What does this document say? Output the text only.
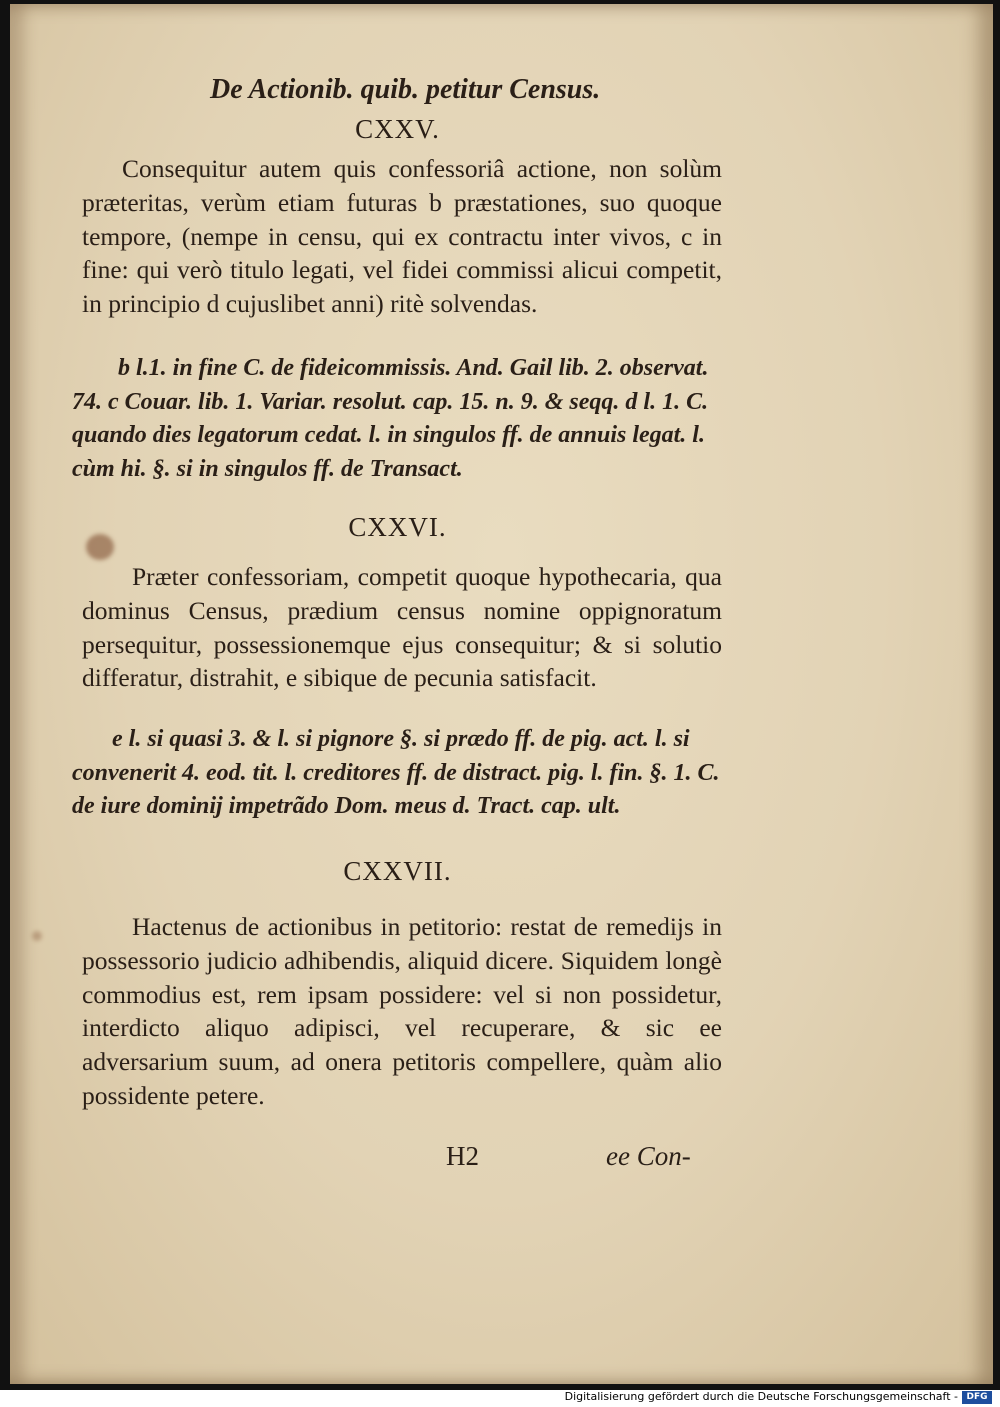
De Actionib. quib. petitur Census.
CXXV.

Consequitur autem quis confessoriâ actione, non solùm præteritas, verùm etiam futuras b præstationes, suo quoque tempore, (nempe in censu, qui ex contractu inter vivos, c in fine: qui verò titulo legati, vel fidei commissi alicui competit, in principio d cujuslibet anni) ritè solvendas.

b l.1. in fine C. de fideicommissis. And. Gail lib. 2. observat. 74. c Couar. lib. 1. Variar. resolut. cap. 15. n. 9. & seqq. d l. 1. C. quando dies legatorum cedat. l. in singulos ff. de annuis legat. l. cùm hi. §. si in singulos ff. de Transact.

CXXVI.

Præter confessoriam, competit quoque hypothecaria, qua dominus Census, prædium census nomine oppignoratum persequitur, possessionemque ejus consequitur; & si solutio differatur, distrahit, e sibique de pecunia satisfacit.

e l. si quasi 3. & l. si pignore §. si prædo ff. de pig. act. l. si convenerit 4. eod. tit. l. creditores ff. de distract. pig. l. fin. §. 1. C. de iure dominij impetrãdo Dom. meus d. Tract. cap. ult.

CXXVII.

Hactenus de actionibus in petitorio: restat de remedijs in possessorio judicio adhibendis, aliquid dicere. Siquidem longè commodius est, rem ipsam possidere: vel si non possidetur, interdicto aliquo adipisci, vel recuperare, & sic ee adversarium suum, ad onera petitoris compellere, quàm alio possidente petere.

H2	ee Con-
Digitalisierung gefördert durch die Deutsche Forschungsgemeinschaft - DFG
